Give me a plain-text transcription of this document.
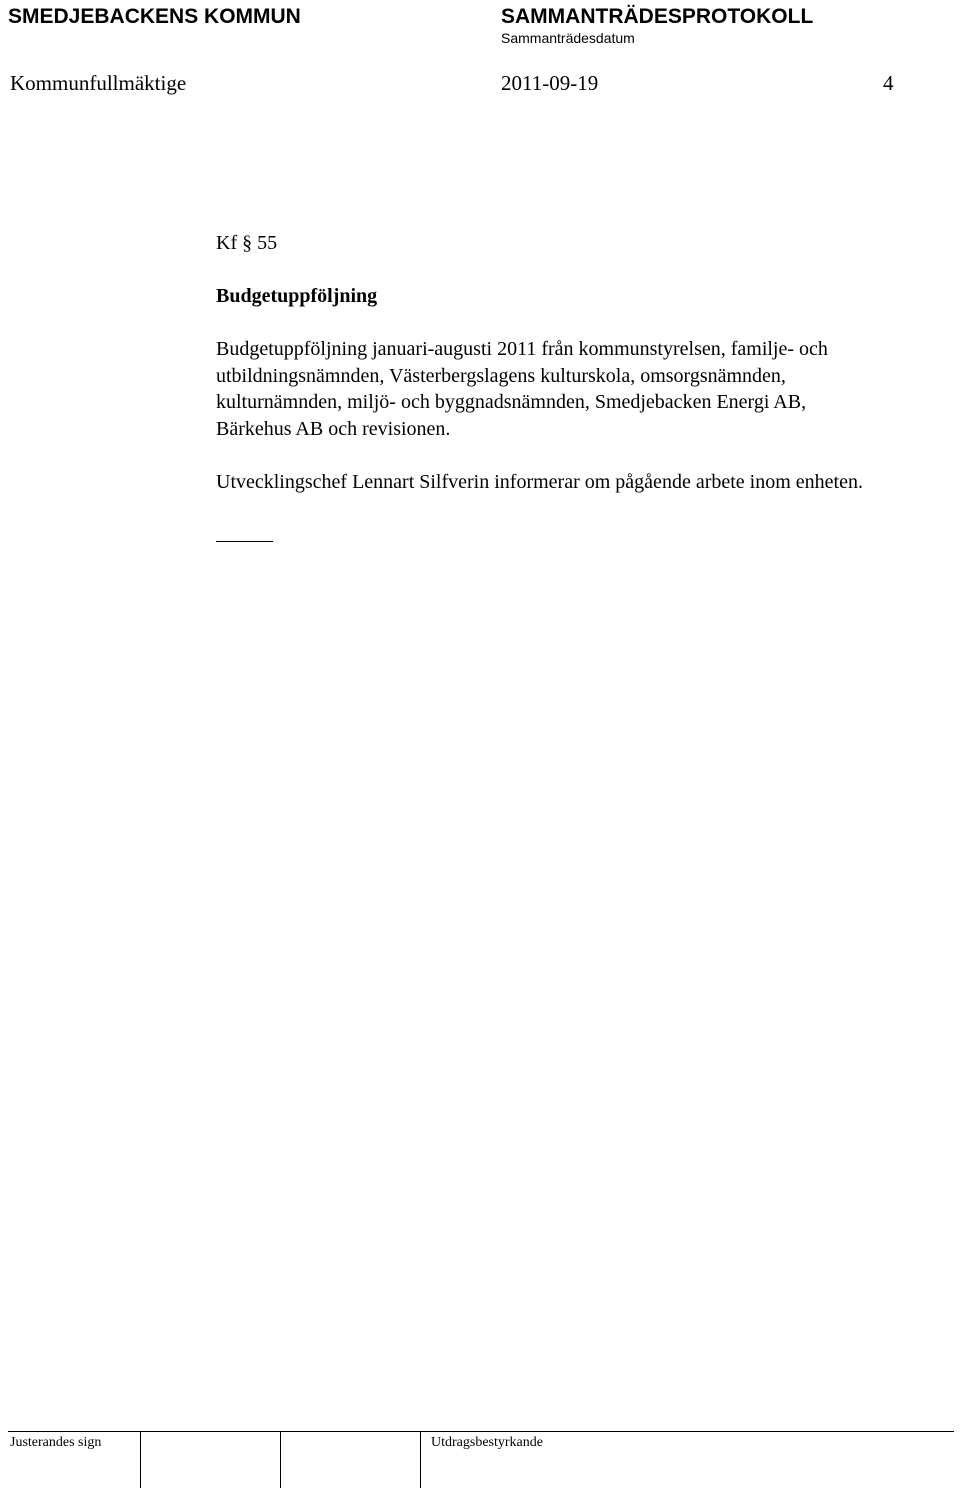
SMEDJEBACKENS KOMMUN	SAMMANTRÄDESPROTOKOLL
Sammanträdesdatum
Kommunfullmäktige	2011-09-19	4
Kf § 55
Budgetuppföljning
Budgetuppföljning januari-augusti 2011 från kommunstyrelsen, familje- och
utbildningsnämnden, Västerbergslagens kulturskola, omsorgsnämnden,
kulturnämnden, miljö- och byggnadsnämnden, Smedjebacken Energi AB,
Bärkehus AB och revisionen.
Utvecklingschef Lennart Silfverin informerar om pågående arbete inom enheten.
Justerandes sign	Utdragsbestyrkande
